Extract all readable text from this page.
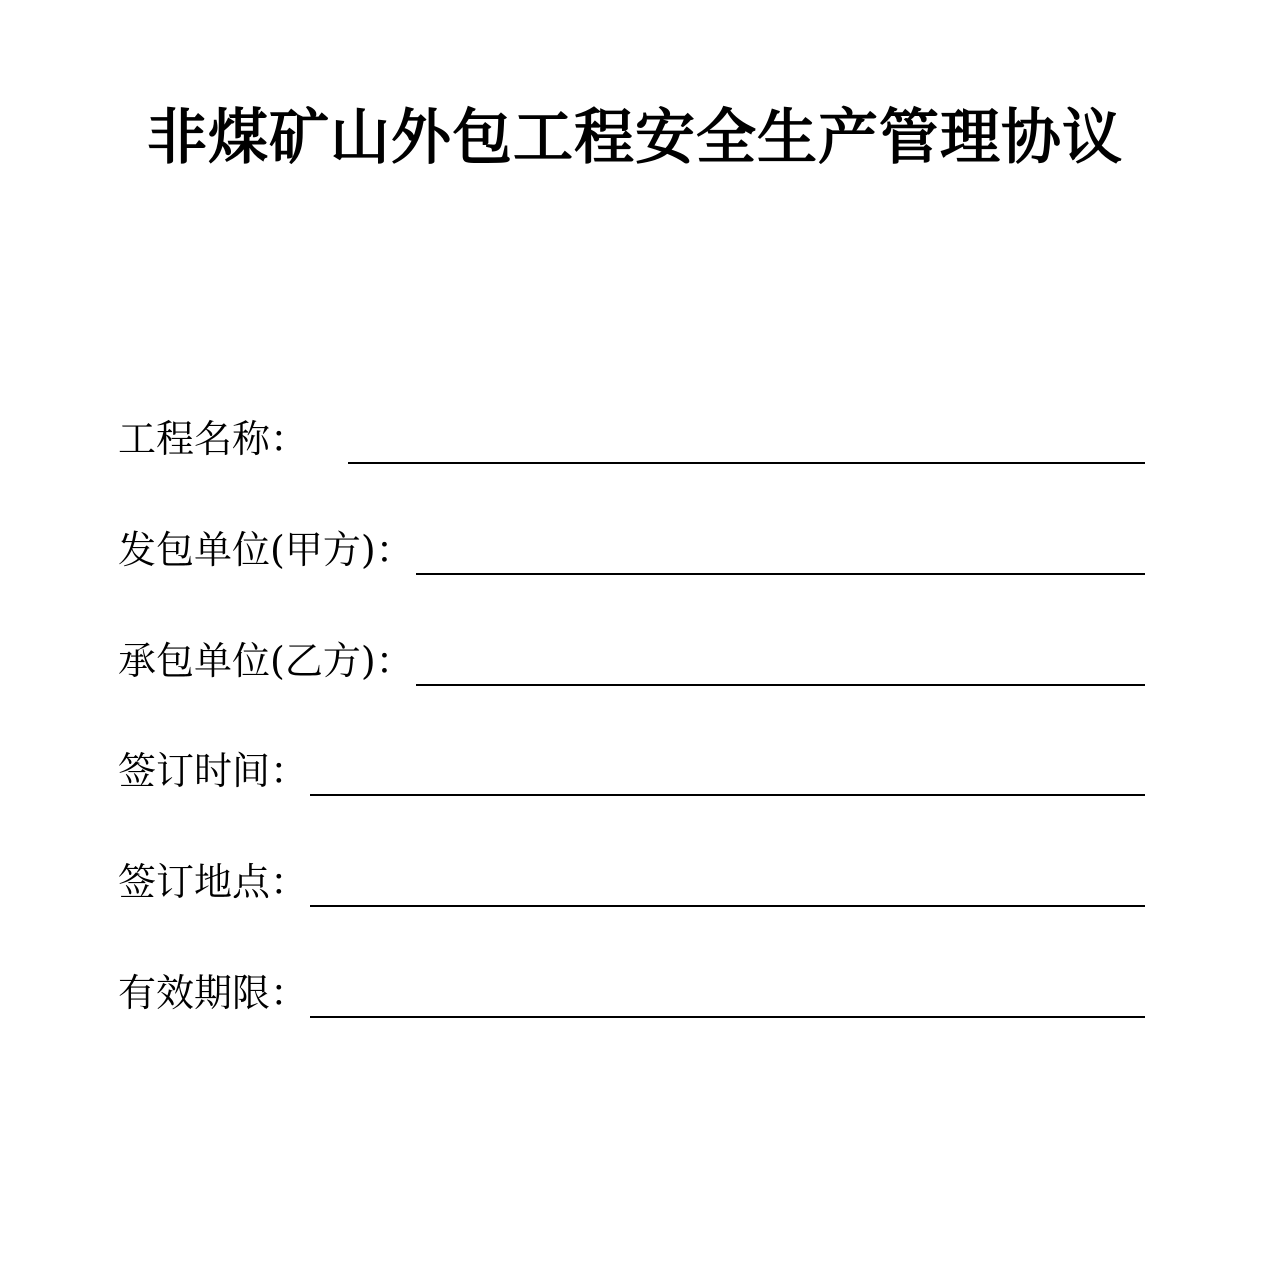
非煤矿山外包工程安全生产管理协议
工程名称：
发包单位(甲方)：
承包单位(乙方)：
签订时间：
签订地点：
有效期限：
